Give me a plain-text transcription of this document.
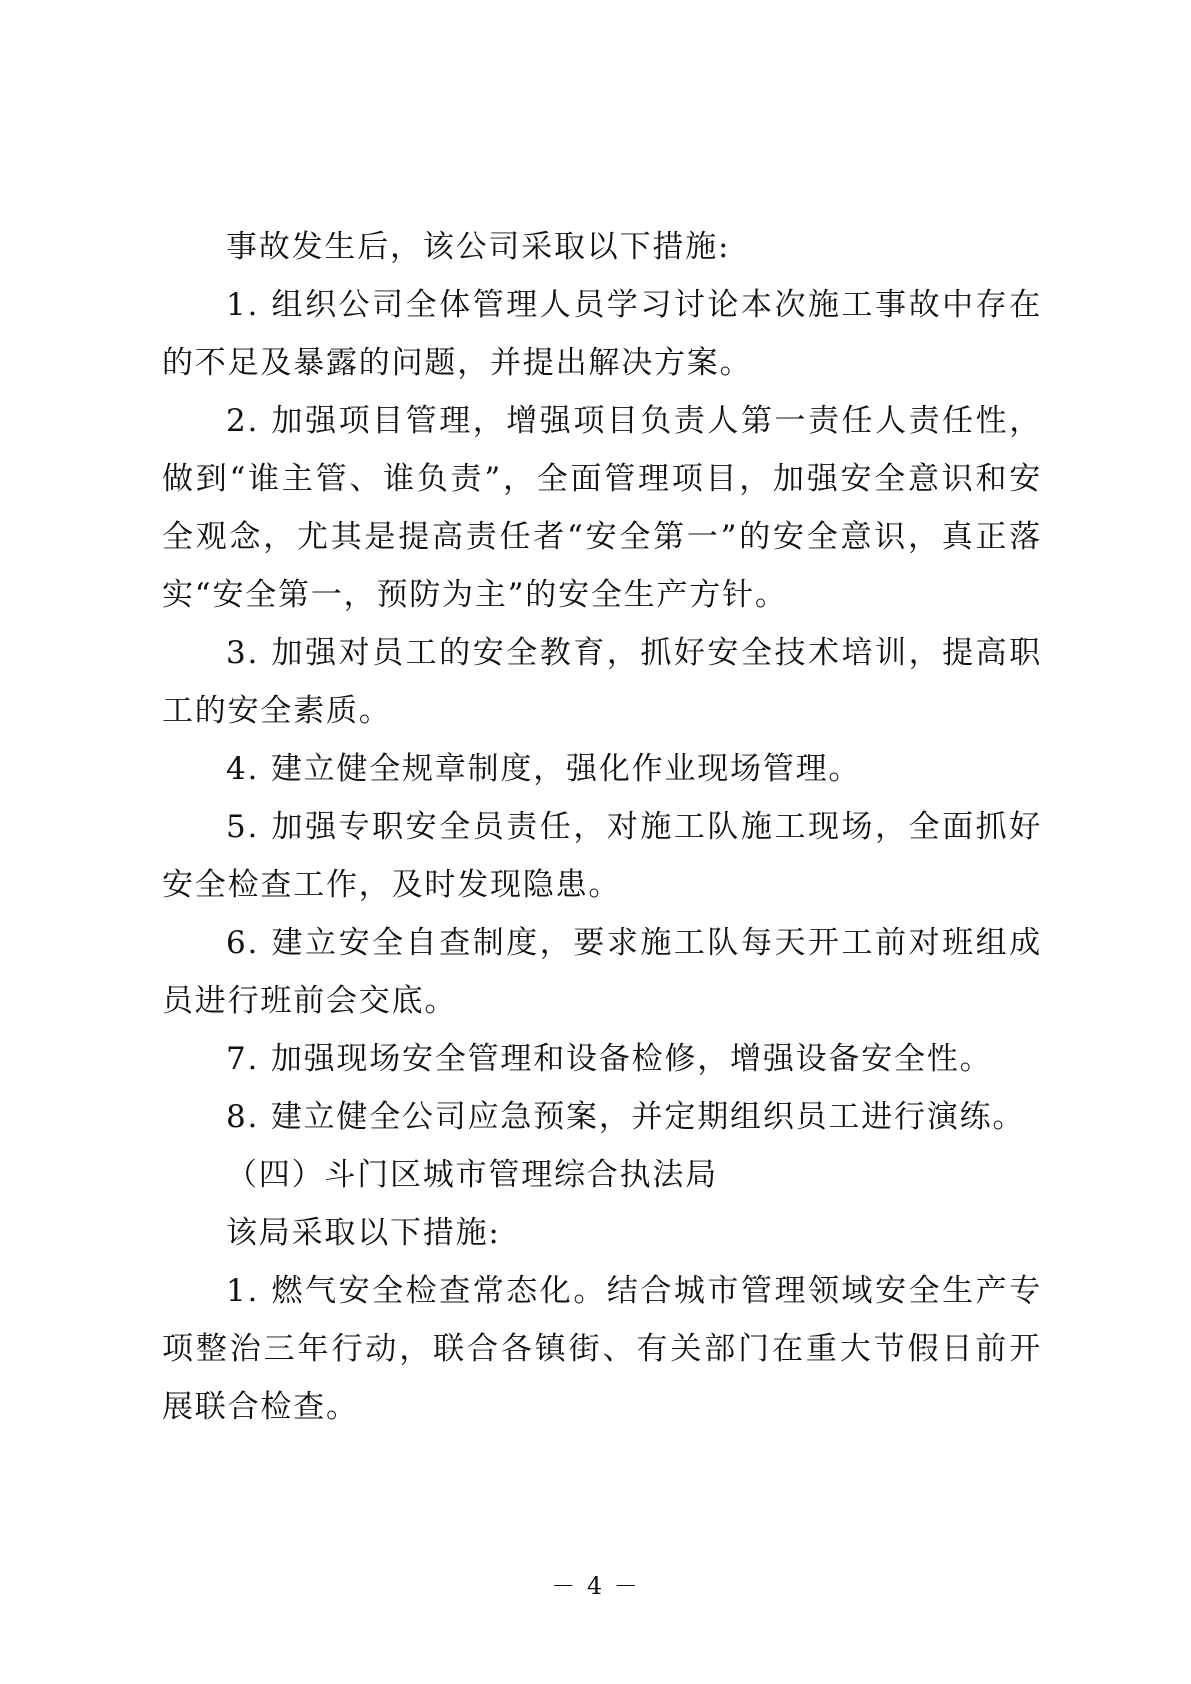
事故发生后，该公司采取以下措施:

1. 组织公司全体管理人员学习讨论本次施工事故中存在的不足及暴露的问题，并提出解决方案。

2. 加强项目管理，增强项目负责人第一责任人责任性，做到“谁主管、谁负责”，全面管理项目，加强安全意识和安全观念，尤其是提高责任者“安全第一”的安全意识，真正落实“安全第一，预防为主”的安全生产方针。

3. 加强对员工的安全教育，抓好安全技术培训，提高职工的安全素质。

4. 建立健全规章制度，强化作业现场管理。

5. 加强专职安全员责任，对施工队施工现场，全面抓好安全检查工作，及时发现隐患。

6. 建立安全自查制度，要求施工队每天开工前对班组成员进行班前会交底。

7. 加强现场安全管理和设备检修，增强设备安全性。

8. 建立健全公司应急预案，并定期组织员工进行演练。

（四）斗门区城市管理综合执法局

该局采取以下措施:

1. 燃气安全检查常态化。结合城市管理领域安全生产专项整治三年行动，联合各镇街、有关部门在重大节假日前开展联合检查。

－ 4 －
